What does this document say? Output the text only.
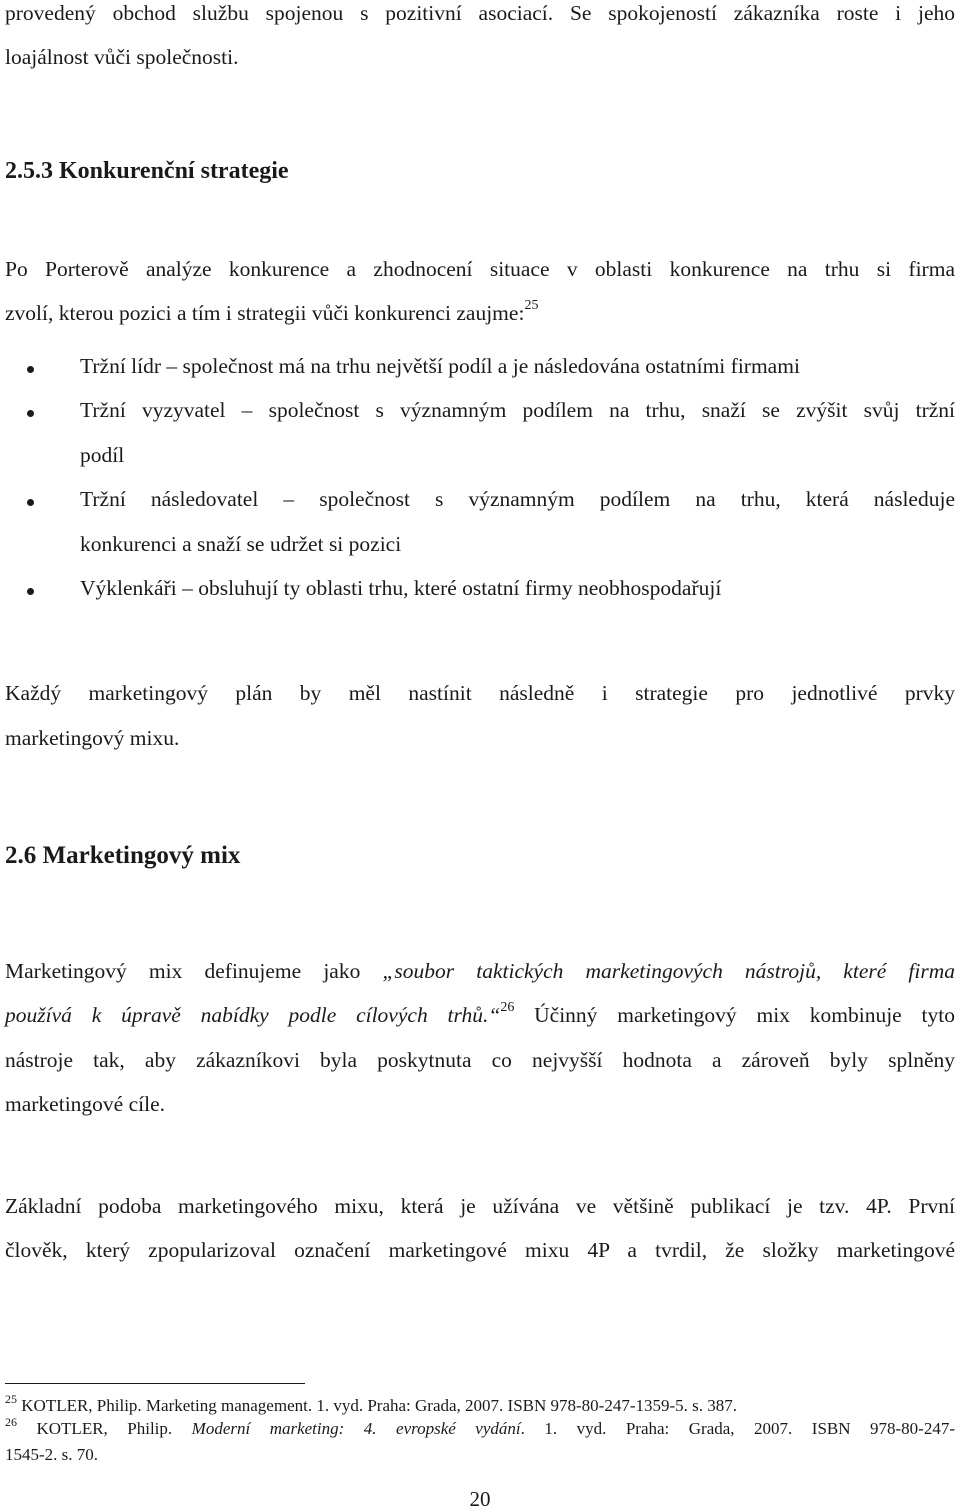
provedený obchod službu spojenou s pozitivní asociací. Se spokojeností zákazníka roste i jeho
loajálnost vůči společnosti.
2.5.3 Konkurenční strategie
Po Porterově analýze konkurence a zhodnocení situace v oblasti konkurence na trhu si firma
zvolí, kterou pozici a tím i strategii vůči konkurenci zaujme:$^{25}$
Tržní lídr – společnost má na trhu největší podíl a je následována ostatními firmami
Tržní vyzyvatel – společnost s významným podílem na trhu, snaží se zvýšit svůj tržní
podíl
Tržní následovatel – společnost s významným podílem na trhu, která následuje
konkurenci a snaží se udržet si pozici
Výklenkáři – obsluhují ty oblasti trhu, které ostatní firmy neobhospodařují
Každý marketingový plán by měl nastínit následně i strategie pro jednotlivé prvky
marketingový mixu.
2.6 Marketingový mix
Marketingový mix definujeme jako „soubor taktických marketingových nástrojů, které firma
používá k úpravě nabídky podle cílových trhů.“$^{26}$ Účinný marketingový mix kombinuje tyto
nástroje tak, aby zákazníkovi byla poskytnuta co nejvyšší hodnota a zároveň byly splněny
marketingové cíle.
Základní podoba marketingového mixu, která je užívána ve většině publikací je tzv. 4P. První
člověk, který zpopularizoval označení marketingové mixu 4P a tvrdil, že složky marketingové
$^{25}$ KOTLER, Philip. Marketing management. 1. vyd. Praha: Grada, 2007. ISBN 978-80-247-1359-5. s. 387.
$^{26}$ KOTLER, Philip. Moderní marketing: 4. evropské vydání. 1. vyd. Praha: Grada, 2007. ISBN 978-80-247-
1545-2. s. 70.
20
